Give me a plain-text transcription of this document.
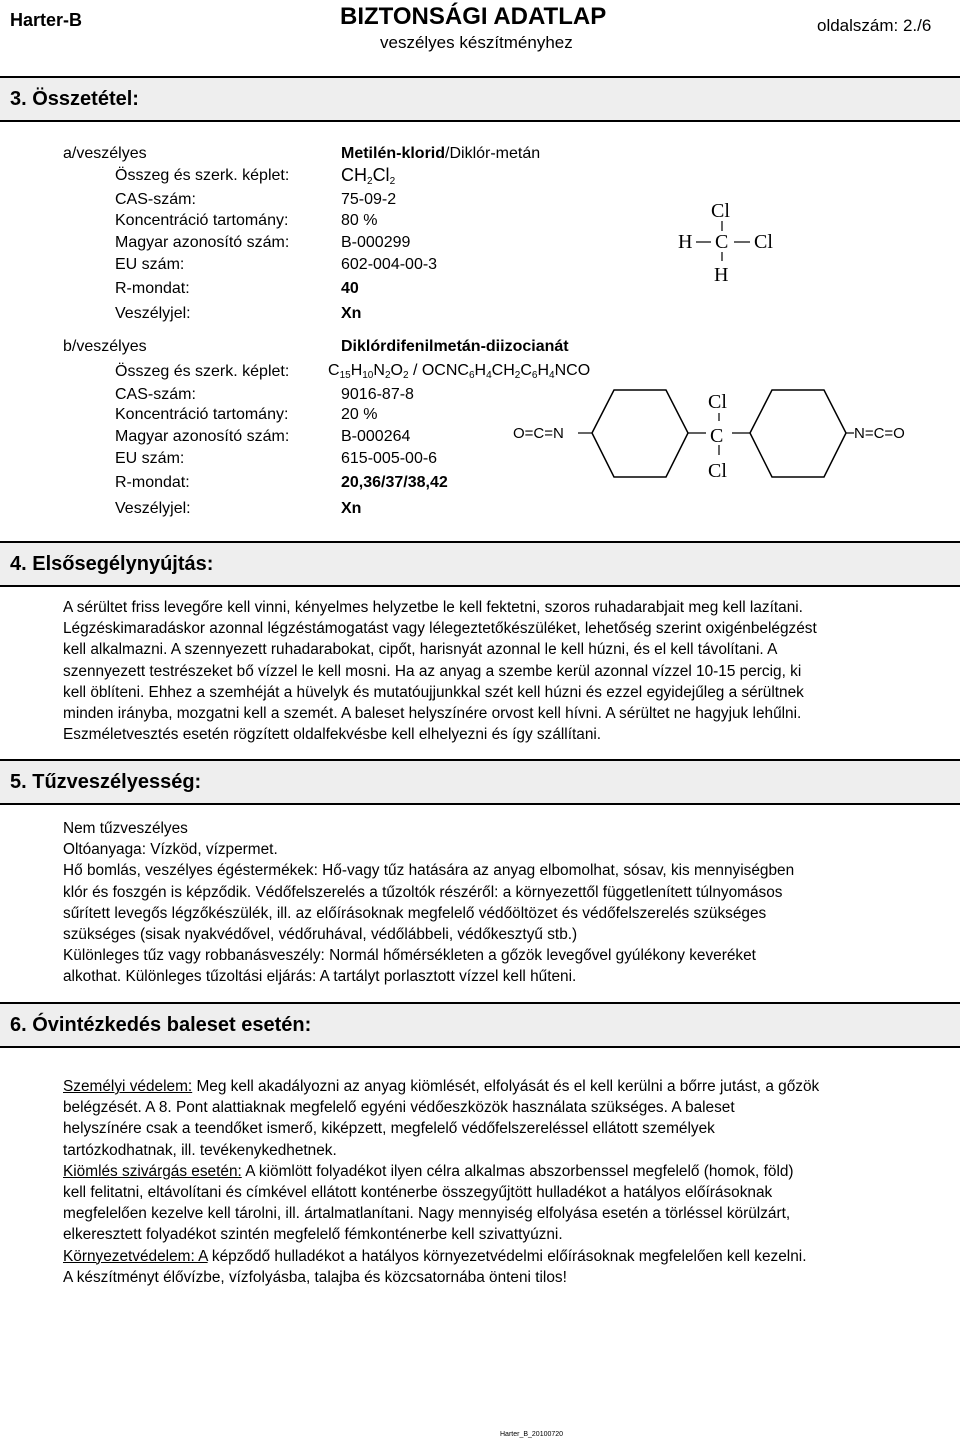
Harter-B	BIZTONSÁGI ADATLAP
veszélyes készítményhez
oldalszám: 2./6
3. Összetétel:
a/veszélyes	Metilén-klorid/Diklór-metán
Összeg és szerk. képlet:	$CH_2Cl_2$
CAS-szám:	75-09-2
Koncentráció tartomány:	80 %
Magyar azonosító szám:	B-000299
EU szám:	602-004-00-3
R-mondat:	40
Veszélyjel:	Xn
Cl
H C Cl
H
b/veszélyes	Diklórdifenilmetán-diizocianát
Összeg és szerk. képlet: $C_{15}H_{10}N_2O_2$ / $OCNC_6H_4CH_2C_6H_4NCO$
CAS-szám:	9016-87-8
Koncentráció tartomány:	20 %
Magyar azonosító szám:	B-000264
EU szám:	615-005-00-6
R-mondat:	20,36/37/38,42
Veszélyjel:	Xn
O=C=N
Cl
C
Cl
N=C=O
4. Elsősegélynyújtás:
A sérültet friss levegőre kell vinni, kényelmes helyzetbe le kell fektetni, szoros ruhadarabjait meg kell lazítani.
Légzéskimaradáskor azonnal légzéstámogatást vagy lélegeztetőkészüléket, lehetőség szerint oxigénbelégzést
kell alkalmazni. A szennyezett ruhadarabokat, cipőt, harisnyát azonnal le kell húzni, és el kell távolítani. A
szennyezett testrészeket bő vízzel le kell mosni. Ha az anyag a szembe kerül azonnal vízzel 10-15 percig, ki
kell öblíteni. Ehhez a szemhéját a hüvelyk és mutatóujjunkkal szét kell húzni és ezzel egyidejűleg a sérültnek
minden irányba, mozgatni kell a szemét. A baleset helyszínére orvost kell hívni. A sérültet ne hagyjuk lehűlni.
Eszméletvesztés esetén rögzített oldalfekvésbe kell elhelyezni és így szállítani.
5. Tűzveszélyesség:
Nem tűzveszélyes
Oltóanyaga: Vízköd, vízpermet.
Hő bomlás, veszélyes égéstermékek: Hő-vagy tűz hatására az anyag elbomolhat, sósav, kis mennyiségben
klór és foszgén is képződik. Védőfelszerelés a tűzoltók részéről: a környezettől függetlenített túlnyomásos
sűrített levegős légzőkészülék, ill. az előírásoknak megfelelő védőöltözet és védőfelszerelés szükséges
szükséges (sisak nyakvédővel, védőruhával, védőlábbeli, védőkesztyű stb.)
Különleges tűz vagy robbanásveszély: Normál hőmérsékleten a gőzök levegővel gyúlékony keveréket
alkothat. Különleges tűzoltási eljárás: A tartályt porlasztott vízzel kell hűteni.
6. Óvintézkedés baleset esetén:
Személyi védelem: Meg kell akadályozni az anyag kiömlését, elfolyását és el kell kerülni a bőrre jutást, a gőzök
belégzését. A 8. Pont alattiaknak megfelelő egyéni védőeszközök használata szükséges. A baleset
helyszínére csak a teendőket ismerő, kiképzett, megfelelő védőfelszereléssel ellátott személyek
tartózkodhatnak, ill. tevékenykedhetnek.
Kiömlés szivárgás esetén: A kiömlött folyadékot ilyen célra alkalmas abszorbenssel megfelelő (homok, föld)
kell felitatni, eltávolítani és címkével ellátott konténerbe összegyűjtött hulladékot a hatályos előírásoknak
megfelelően kezelve kell tárolni, ill. ártalmatlanítani. Nagy mennyiség elfolyása esetén a törléssel körülzárt,
elkeresztett folyadékot szintén megfelelő fémkonténerbe kell szivattyúzni.
Környezetvédelem: A képződő hulladékot a hatályos környezetvédelmi előírásoknak megfelelően kell kezelni.
A készítményt élővízbe, vízfolyásba, talajba és közcsatornába önteni tilos!
Harter_B_20100720
